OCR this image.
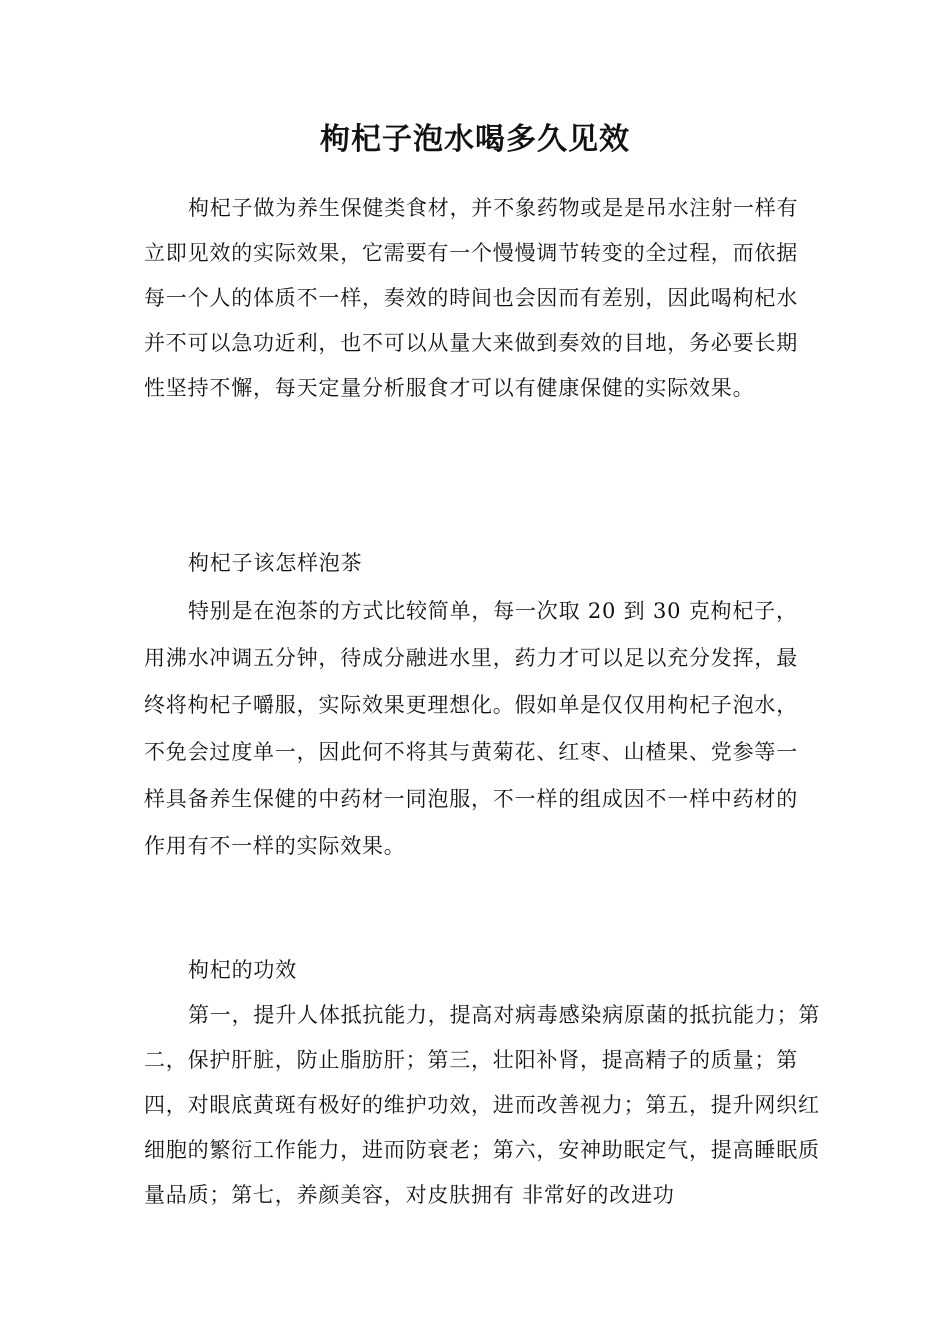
枸杞子泡水喝多久见效

枸杞子做为养生保健类食材，并不象药物或是是吊水注射一样有立即见效的实际效果，它需要有一个慢慢调节转变的全过程，而依据每一个人的体质不一样，奏效的時间也会因而有差别，因此喝枸杞水并不可以急功近利，也不可以从量大来做到奏效的目地，务必要长期性坚持不懈，每天定量分析服食才可以有健康保健的实际效果。

枸杞子该怎样泡茶

特别是在泡茶的方式比较简单，每一次取 20 到 30 克枸杞子，用沸水冲调五分钟，待成分融进水里，药力才可以足以充分发挥，最终将枸杞子嚼服，实际效果更理想化。假如单是仅仅用枸杞子泡水，不免会过度单一，因此何不将其与黄菊花、红枣、山楂果、党参等一样具备养生保健的中药材一同泡服，不一样的组成因不一样中药材的作用有不一样的实际效果。

枸杞的功效

第一，提升人体抵抗能力，提高对病毒感染病原菌的抵抗能力；第二，保护肝脏，防止脂肪肝；第三，壮阳补肾，提高精子的质量；第四，对眼底黄斑有极好的维护功效，进而改善视力；第五，提升网织红细胞的繁衍工作能力，进而防衰老；第六，安神助眠定气，提高睡眠质量品质；第七，养颜美容，对皮肤拥有 非常好的改进功
